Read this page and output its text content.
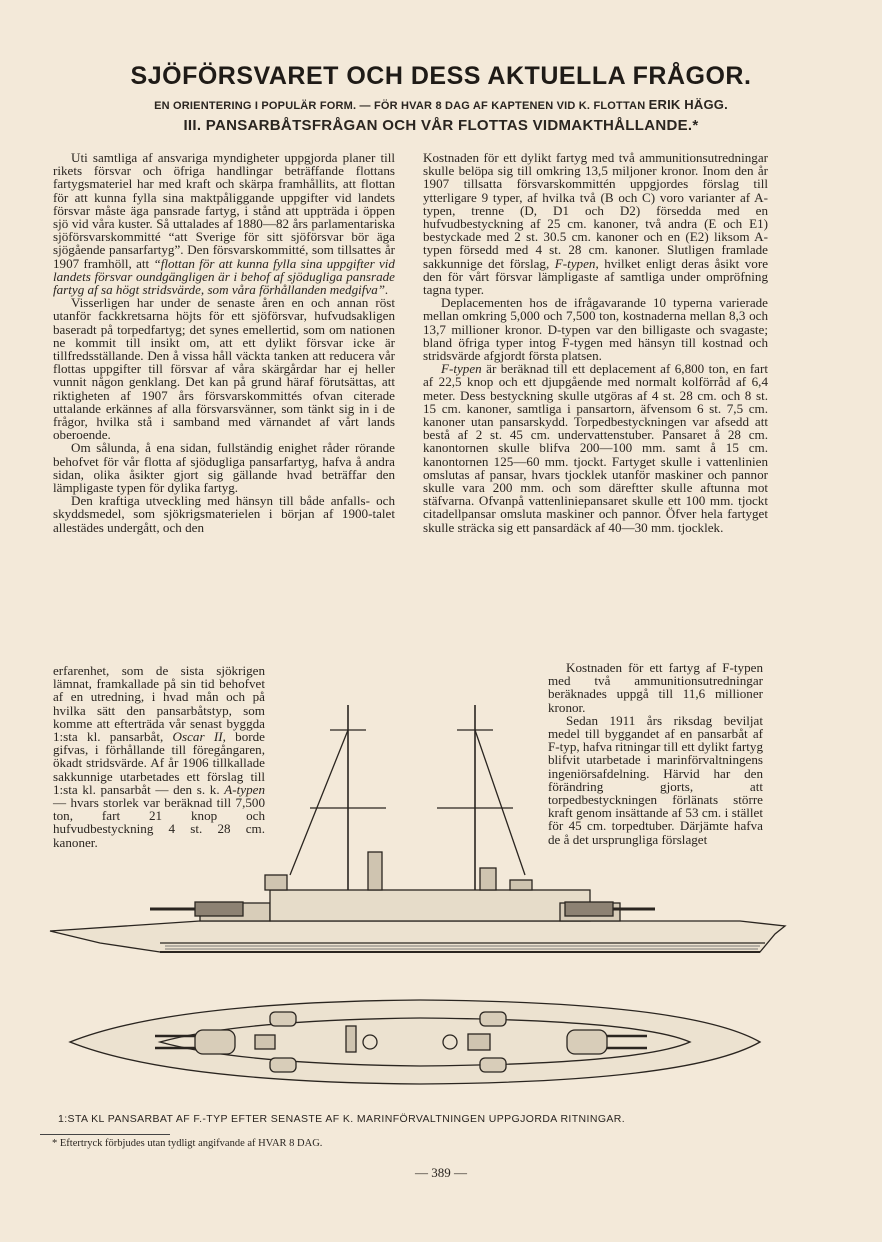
SJÖFÖRSVARET OCH DESS AKTUELLA FRÅGOR.
EN ORIENTERING I POPULÄR FORM. — FÖR HVAR 8 DAG AF KAPTENEN VID K. FLOTTAN ERIK HÄGG.
III. PANSARBÅTSFRÅGAN OCH VÅR FLOTTAS VIDMAKTHÅLLANDE.*

Uti samtliga af ansvariga myndigheter uppgjorda planer till rikets försvar och öfriga handlingar beträffande flottans fartygsmateriel har med kraft och skärpa framhållits, att flottan för att kunna fylla sina maktpåliggande uppgifter vid landets försvar måste äga pansrade fartyg, i stånd att uppträda i öppen sjö vid våra kuster. Så uttalades af 1880—82 års parlamentariska sjöförsvarskommitté “att Sverige för sitt sjöförsvar bör äga sjögående pansarfartyg”. Den försvarskommitté, som tillsattes år 1907 framhöll, att “flottan för att kunna fylla sina uppgifter vid landets försvar oundgängligen är i behof af sjödugliga pansrade fartyg af sa högt stridsvärde, som våra förhållanden medgifva”.

Visserligen har under de senaste åren en och annan röst utanför fackkretsarna höjts för ett sjöförsvar, hufvudsakligen baseradt på torpedfartyg; det synes emellertid, som om nationen ne kommit till insikt om, att ett dylikt försvar icke är tillfredsställande. Den å vissa håll väckta tanken att reducera vår flottas uppgifter till försvar af våra skärgårdar har ej heller vunnit någon genklang. Det kan på grund häraf förutsättas, att riktigheten af 1907 års försvarskommittés ofvan citerade uttalande erkännes af alla försvarsvänner, som tänkt sig in i de frågor, hvilka stå i samband med värnandet af vårt lands oberoende.

Om sålunda, å ena sidan, fullständig enighet råder rörande behofvet för vår flotta af sjödugliga pansarfartyg, hafva å andra sidan, olika åsikter gjort sig gällande hvad beträffar den lämpligaste typen för dylika fartyg.

Den kraftiga utveckling med hänsyn till både anfalls- och skyddsmedel, som sjökrigsmaterielen i början af 1900-talet allestädes undergått, och den

erfarenhet, som de sista sjökrigen lämnat, framkallade på sin tid behofvet af en utredning, i hvad mån och på hvilka sätt den pansarbåtstyp, som komme att efterträda vår senast byggda 1:sta kl. pansarbåt, Oscar II, borde gifvas, i förhållande till föregångaren, ökadt stridsvärde. Af år 1906 tillkallade sakkunnige utarbetades ett förslag till 1:sta kl. pansarbåt — den s. k. A-typen — hvars storlek var beräknad till 7,500 ton, fart 21 knop och hufvudbestyckning 4 st. 28 cm. kanoner.

Kostnaden för ett dylikt fartyg med två ammunitionsutredningar skulle belöpa sig till omkring 13,5 miljoner kronor. Inom den år 1907 tillsatta försvarskommittén uppgjordes förslag till ytterligare 9 typer, af hvilka två (B och C) voro varianter af A-typen, trenne (D, D1 och D2) försedda med en hufvudbestyckning af 25 cm. kanoner, två andra (E och E1) bestyckade med 2 st. 30.5 cm. kanoner och en (E2) liksom A-typen försedd med 4 st. 28 cm. kanoner. Slutligen framlade sakkunnige det förslag, F-typen, hvilket enligt deras åsikt vore den för vårt försvar lämpligaste af samtliga under ompröfning tagna typer.

Deplacementen hos de ifrågavarande 10 typerna varierade mellan omkring 5,000 och 7,500 ton, kostnaderna mellan 8,3 och 13,7 millioner kronor. D-typen var den billigaste och svagaste; bland öfriga typer intog F-tygen med hänsyn till kostnad och stridsvärde afgjordt första platsen.

F-typen är beräknad till ett deplacement af 6,800 ton, en fart af 22,5 knop och ett djupgående med normalt kolförråd af 6,4 meter. Dess bestyckning skulle utgöras af 4 st. 28 cm. och 8 st. 15 cm. kanoner, samtliga i pansartorn, äfvensom 6 st. 7,5 cm. kanoner utan pansarskydd. Torpedbestyckningen var afsedd att bestå af 2 st. 45 cm. undervattenstuber. Pansaret å 28 cm. kanontornen skulle blifva 200—100 mm. samt å 15 cm. kanontornen 125—60 mm. tjockt. Fartyget skulle i vattenlinien omslutas af pansar, hvars tjocklek utanför maskiner och pannor skulle vara 200 mm. och som däreftter skulle aftunna mot stäfvarna. Ofvanpå vattenliniepansaret skulle ett 100 mm. tjockt citadellpansar omsluta maskiner och pannor. Öfver hela fartyget skulle sträcka sig ett pansardäck af 40—30 mm. tjocklek.

Kostnaden för ett fartyg af F-typen med två ammunitionsutredningar beräknades uppgå till 11,6 millioner kronor.

Sedan 1911 års riksdag beviljat medel till byggandet af en pansarbåt af F-typ, hafva ritningar till ett dylikt fartyg blifvit utarbetade i marinförvaltningens ingeniörsafdelning. Härvid har den förändring gjorts, att torpedbestyckningen förlänats större kraft genom insättande af 53 cm. i stället för 45 cm. torpedtuber. Därjämte hafva de å det ursprungliga förslaget

1:STA KL PANSARBAT AF F.-TYP EFTER SENASTE AF K. MARINFÖRVALTNINGEN UPPGJORDA RITNINGAR.
* Eftertryck förbjudes utan tydligt angifvande af HVAR 8 DAG.
— 389 —
